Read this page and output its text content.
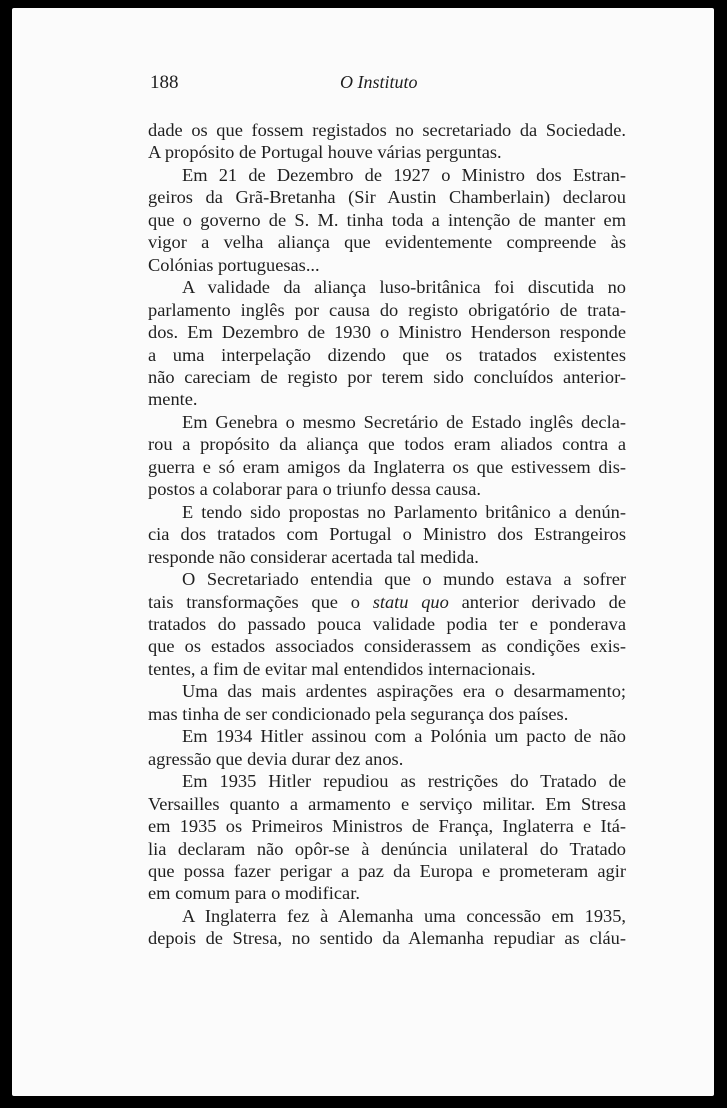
188	O Instituto
dade os que fossem registados no secretariado da Sociedade.
A propósito de Portugal houve várias perguntas.
Em 21 de Dezembro de 1927 o Ministro dos Estran-
geiros da Grã-Bretanha (Sir Austin Chamberlain) declarou
que o governo de S. M. tinha toda a intenção de manter em
vigor a velha aliança que evidentemente compreende às
Colónias portuguesas...
A validade da aliança luso-britânica foi discutida no
parlamento inglês por causa do registo obrigatório de trata-
dos. Em Dezembro de 1930 o Ministro Henderson responde
a uma interpelação dizendo que os tratados existentes
não careciam de registo por terem sido concluídos anterior-
mente.
Em Genebra o mesmo Secretário de Estado inglês decla-
rou a propósito da aliança que todos eram aliados contra a
guerra e só eram amigos da Inglaterra os que estivessem dis-
postos a colaborar para o triunfo dessa causa.
E tendo sido propostas no Parlamento britânico a denún-
cia dos tratados com Portugal o Ministro dos Estrangeiros
responde não considerar acertada tal medida.
O Secretariado entendia que o mundo estava a sofrer
tais transformações que o statu quo anterior derivado de
tratados do passado pouca validade podia ter e ponderava
que os estados associados considerassem as condições exis-
tentes, a fim de evitar mal entendidos internacionais.
Uma das mais ardentes aspirações era o desarmamento;
mas tinha de ser condicionado pela segurança dos países.
Em 1934 Hitler assinou com a Polónia um pacto de não
agressão que devia durar dez anos.
Em 1935 Hitler repudiou as restrições do Tratado de
Versailles quanto a armamento e serviço militar. Em Stresa
em 1935 os Primeiros Ministros de França, Inglaterra e Itá-
lia declaram não opôr-se à denúncia unilateral do Tratado
que possa fazer perigar a paz da Europa e prometeram agir
em comum para o modificar.
A Inglaterra fez à Alemanha uma concessão em 1935,
depois de Stresa, no sentido da Alemanha repudiar as cláu-
